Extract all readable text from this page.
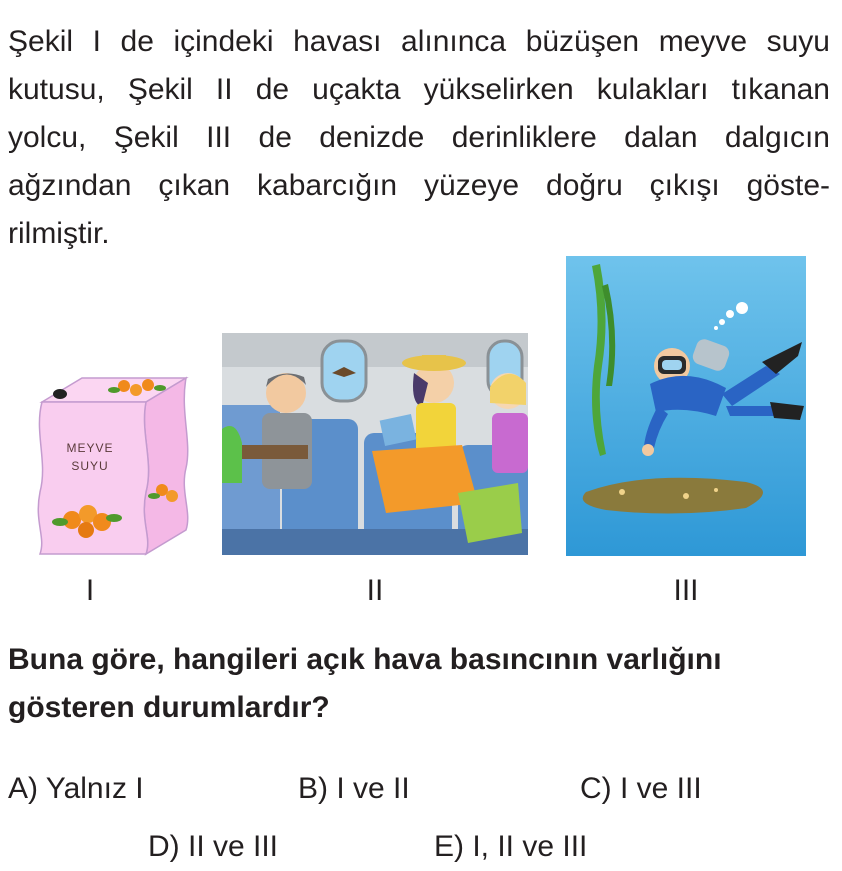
Şekil I de içindeki havası alınınca büzüşen meyve suyu
kutusu, Şekil II de uçakta yükselirken kulakları tıkanan
yolcu, Şekil III de denizde derinliklere dalan dalgıcın
ağzından çıkan kabarcığın yüzeye doğru çıkışı göste-
rilmiştir.
MEYVE
SUYU
I	II	III
Buna göre, hangileri açık hava basıncının varlığını
gösteren durumlardır?
A) Yalnız I	B) I ve II	C) I ve III
D) II ve III	E) I, II ve III
